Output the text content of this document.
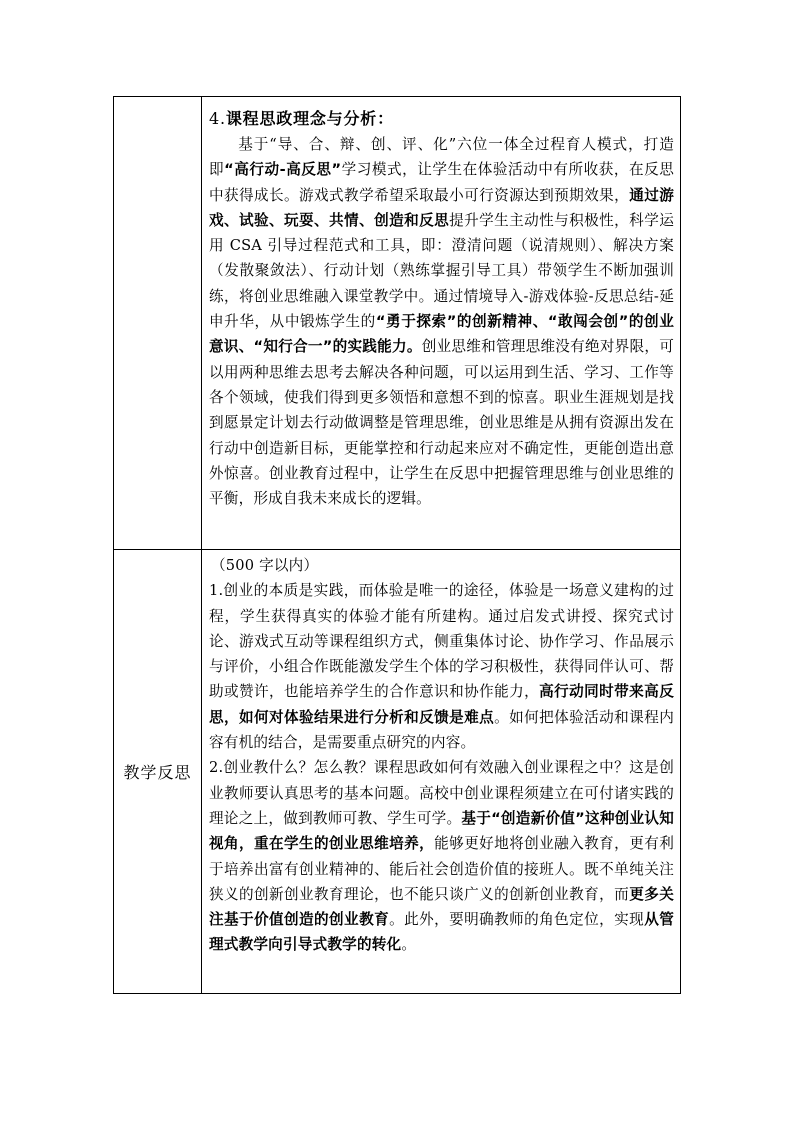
	4.课程思政理念与分析：

基于“导、合、辩、创、评、化”六位一体全过程育人模式，打造即“高行动-高反思”学习模式，让学生在体验活动中有所收获，在反思中获得成长。游戏式教学希望采取最小可行资源达到预期效果，通过游戏、试验、玩耍、共情、创造和反思提升学生主动性与积极性，科学运用 CSA 引导过程范式和工具，即：澄清问题（说清规则）、解决方案（发散聚敛法）、行动计划（熟练掌握引导工具）带领学生不断加强训练，将创业思维融入课堂教学中。通过情境导入-游戏体验-反思总结-延申升华，从中锻炼学生的“勇于探索”的创新精神、“敢闯会创”的创业意识、“知行合一”的实践能力。创业思维和管理思维没有绝对界限，可以用两种思维去思考去解决各种问题，可以运用到生活、学习、工作等各个领域，使我们得到更多领悟和意想不到的惊喜。职业生涯规划是找到愿景定计划去行动做调整是管理思维，创业思维是从拥有资源出发在行动中创造新目标，更能掌控和行动起来应对不确定性，更能创造出意外惊喜。创业教育过程中，让学生在反思中把握管理思维与创业思维的平衡，形成自我未来成长的逻辑。

教学反思	（500 字以内）

1.创业的本质是实践，而体验是唯一的途径，体验是一场意义建构的过程，学生获得真实的体验才能有所建构。通过启发式讲授、探究式讨论、游戏式互动等课程组织方式，侧重集体讨论、协作学习、作品展示与评价，小组合作既能激发学生个体的学习积极性，获得同伴认可、帮助或赞许，也能培养学生的合作意识和协作能力，高行动同时带来高反思，如何对体验结果进行分析和反馈是难点。如何把体验活动和课程内容有机的结合，是需要重点研究的内容。

2.创业教什么？怎么教？课程思政如何有效融入创业课程之中？这是创业教师要认真思考的基本问题。高校中创业课程须建立在可付诸实践的理论之上，做到教师可教、学生可学。基于“创造新价值”这种创业认知视角，重在学生的创业思维培养，能够更好地将创业融入教育，更有利于培养出富有创业精神的、能后社会创造价值的接班人。既不单纯关注狭义的创新创业教育理论，也不能只谈广义的创新创业教育，而更多关注基于价值创造的创业教育。此外，要明确教师的角色定位，实现从管理式教学向引导式教学的转化。
